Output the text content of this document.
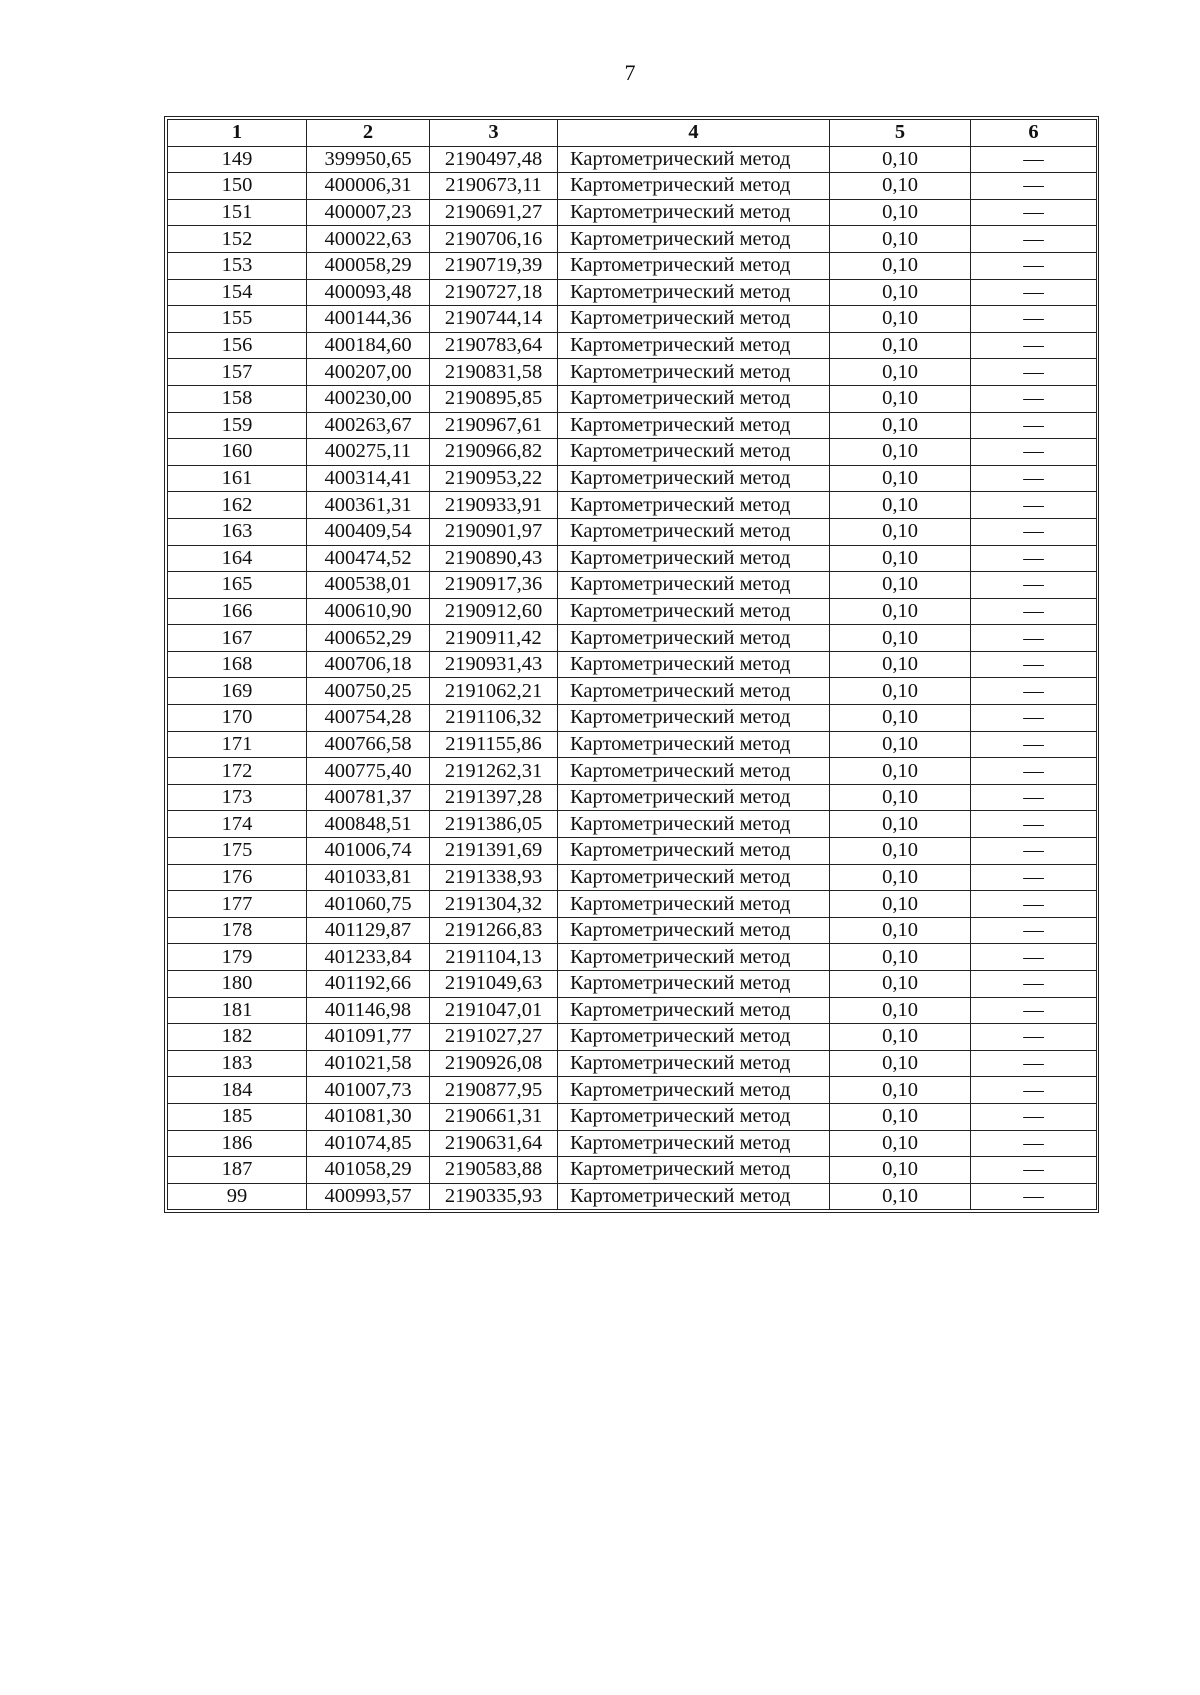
7
1	2	3	4	5	6
149	399950,65	2190497,48	Картометрический метод	0,10	—
150	400006,31	2190673,11	Картометрический метод	0,10	—
151	400007,23	2190691,27	Картометрический метод	0,10	—
152	400022,63	2190706,16	Картометрический метод	0,10	—
153	400058,29	2190719,39	Картометрический метод	0,10	—
154	400093,48	2190727,18	Картометрический метод	0,10	—
155	400144,36	2190744,14	Картометрический метод	0,10	—
156	400184,60	2190783,64	Картометрический метод	0,10	—
157	400207,00	2190831,58	Картометрический метод	0,10	—
158	400230,00	2190895,85	Картометрический метод	0,10	—
159	400263,67	2190967,61	Картометрический метод	0,10	—
160	400275,11	2190966,82	Картометрический метод	0,10	—
161	400314,41	2190953,22	Картометрический метод	0,10	—
162	400361,31	2190933,91	Картометрический метод	0,10	—
163	400409,54	2190901,97	Картометрический метод	0,10	—
164	400474,52	2190890,43	Картометрический метод	0,10	—
165	400538,01	2190917,36	Картометрический метод	0,10	—
166	400610,90	2190912,60	Картометрический метод	0,10	—
167	400652,29	2190911,42	Картометрический метод	0,10	—
168	400706,18	2190931,43	Картометрический метод	0,10	—
169	400750,25	2191062,21	Картометрический метод	0,10	—
170	400754,28	2191106,32	Картометрический метод	0,10	—
171	400766,58	2191155,86	Картометрический метод	0,10	—
172	400775,40	2191262,31	Картометрический метод	0,10	—
173	400781,37	2191397,28	Картометрический метод	0,10	—
174	400848,51	2191386,05	Картометрический метод	0,10	—
175	401006,74	2191391,69	Картометрический метод	0,10	—
176	401033,81	2191338,93	Картометрический метод	0,10	—
177	401060,75	2191304,32	Картометрический метод	0,10	—
178	401129,87	2191266,83	Картометрический метод	0,10	—
179	401233,84	2191104,13	Картометрический метод	0,10	—
180	401192,66	2191049,63	Картометрический метод	0,10	—
181	401146,98	2191047,01	Картометрический метод	0,10	—
182	401091,77	2191027,27	Картометрический метод	0,10	—
183	401021,58	2190926,08	Картометрический метод	0,10	—
184	401007,73	2190877,95	Картометрический метод	0,10	—
185	401081,30	2190661,31	Картометрический метод	0,10	—
186	401074,85	2190631,64	Картометрический метод	0,10	—
187	401058,29	2190583,88	Картометрический метод	0,10	—
99	400993,57	2190335,93	Картометрический метод	0,10	—
